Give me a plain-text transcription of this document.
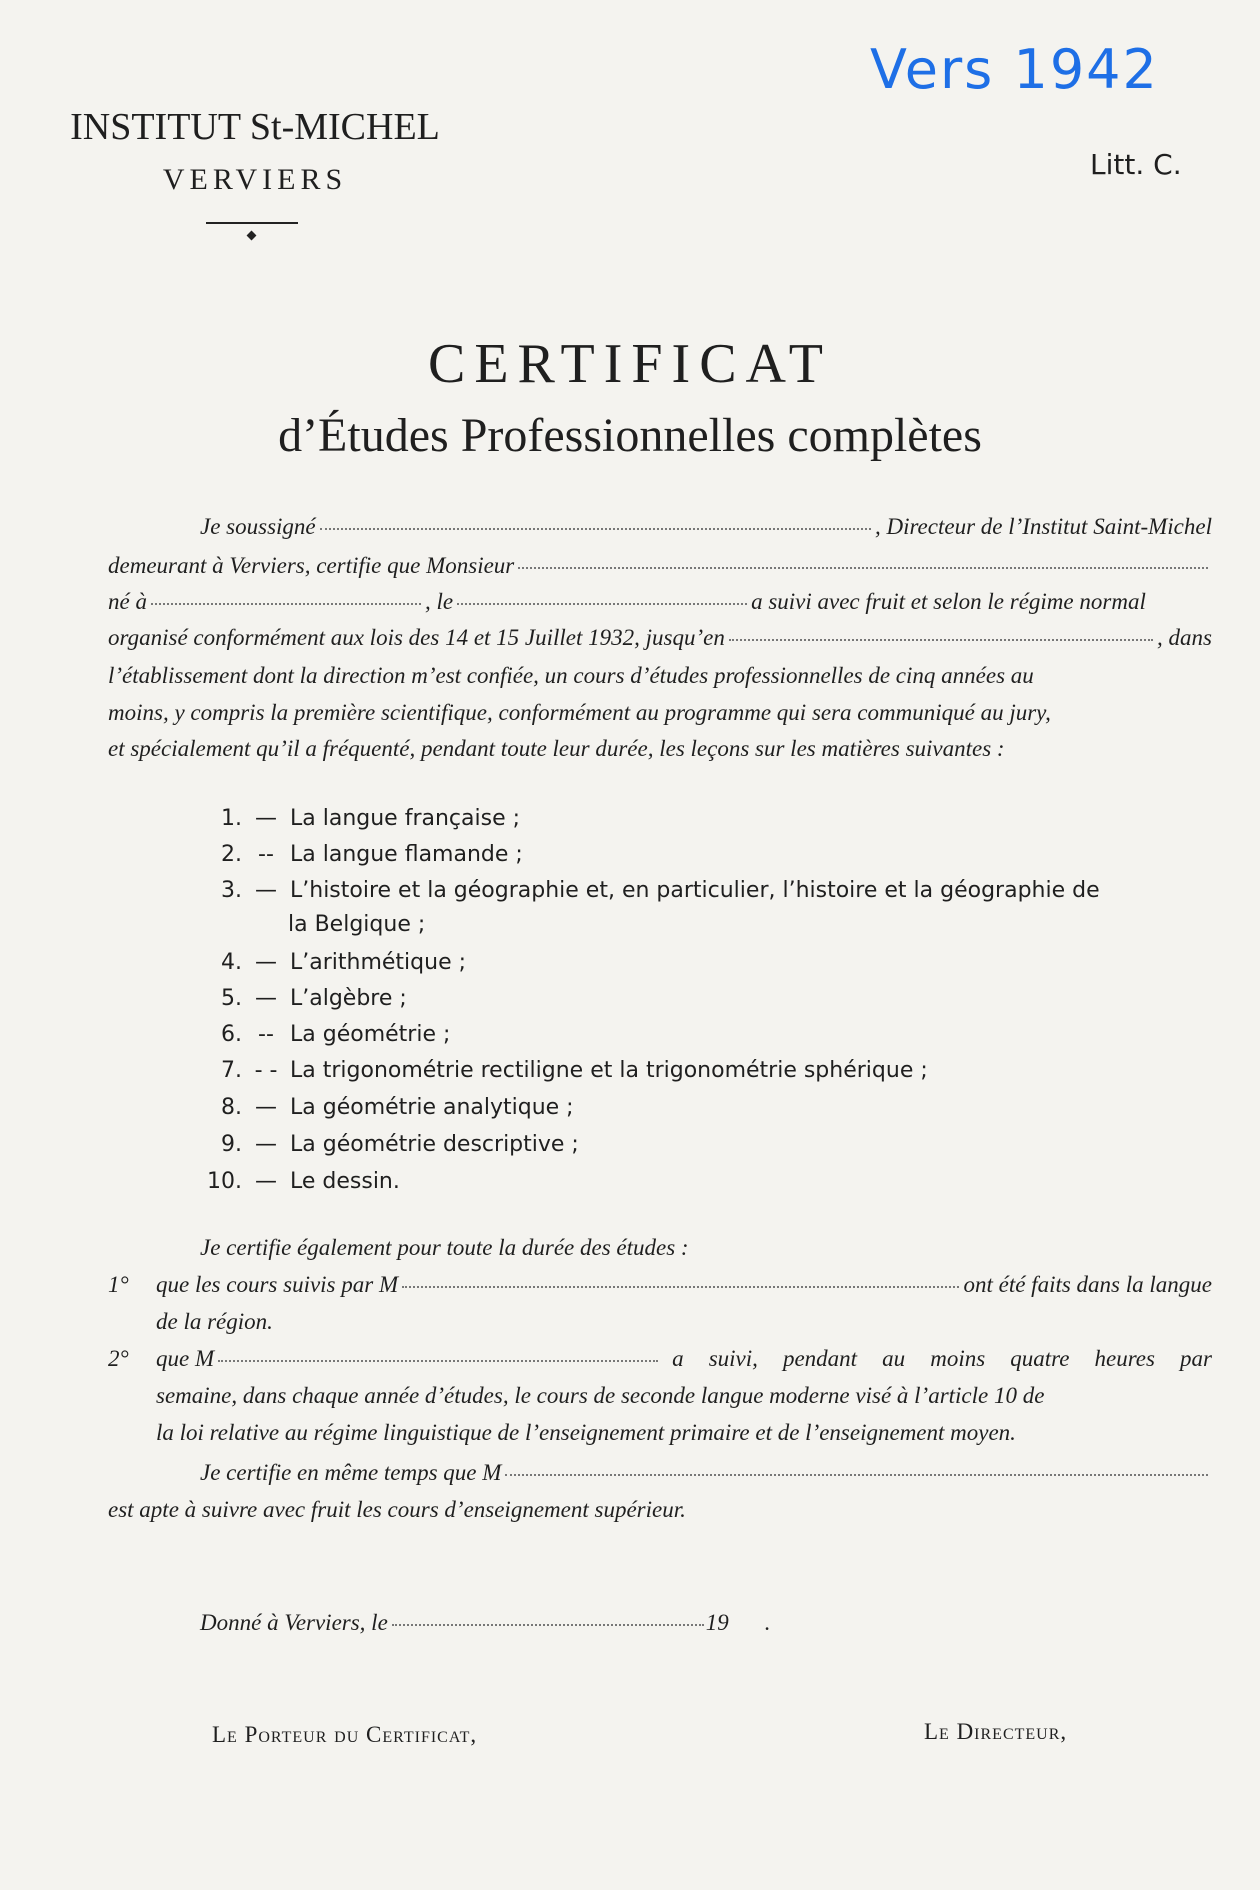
Vers 1942
INSTITUT St-MICHEL
VERVIERS	Litt. C.
CERTIFICAT
d’Études Professionnelles complètes
Je soussigné	, Directeur de l’Institut Saint-Michel
demeurant à Verviers, certifie que Monsieur
né à	, le	a suivi avec fruit et selon le régime normal
organisé conformément aux lois des 14 et 15 Juillet 1932, jusqu’en	, dans
l’établissement dont la direction m’est confiée, un cours d’études professionnelles de cinq années au
moins, y compris la première scientifique, conformément au programme qui sera communiqué au jury,
et spécialement qu’il a fréquenté, pendant toute leur durée, les leçons sur les matières suivantes :
1. — La langue française ;
2. -- La langue flamande ;
3. — L’histoire et la géographie et, en particulier, l’histoire et la géographie de
la Belgique ;
4. — L’arithmétique ;
5. — L’algèbre ;
6. -- La géométrie ;
7. - - La trigonométrie rectiligne et la trigonométrie sphérique ;
8. — La géométrie analytique ;
9. — La géométrie descriptive ;
10. — Le dessin.
Je certifie également pour toute la durée des études :
1°	que les cours suivis par M	ont été faits dans la langue
de la région.
2°	que M	a suivi, pendant au moins quatre heures par
semaine, dans chaque année d’études, le cours de seconde langue moderne visé à l’article 10 de
la loi relative au régime linguistique de l’enseignement primaire et de l’enseignement moyen.
Je certifie en même temps que M
est apte à suivre avec fruit les cours d’enseignement supérieur.
Donné à Verviers, le	19 .
Le Porteur du Certificat,	Le Directeur,
